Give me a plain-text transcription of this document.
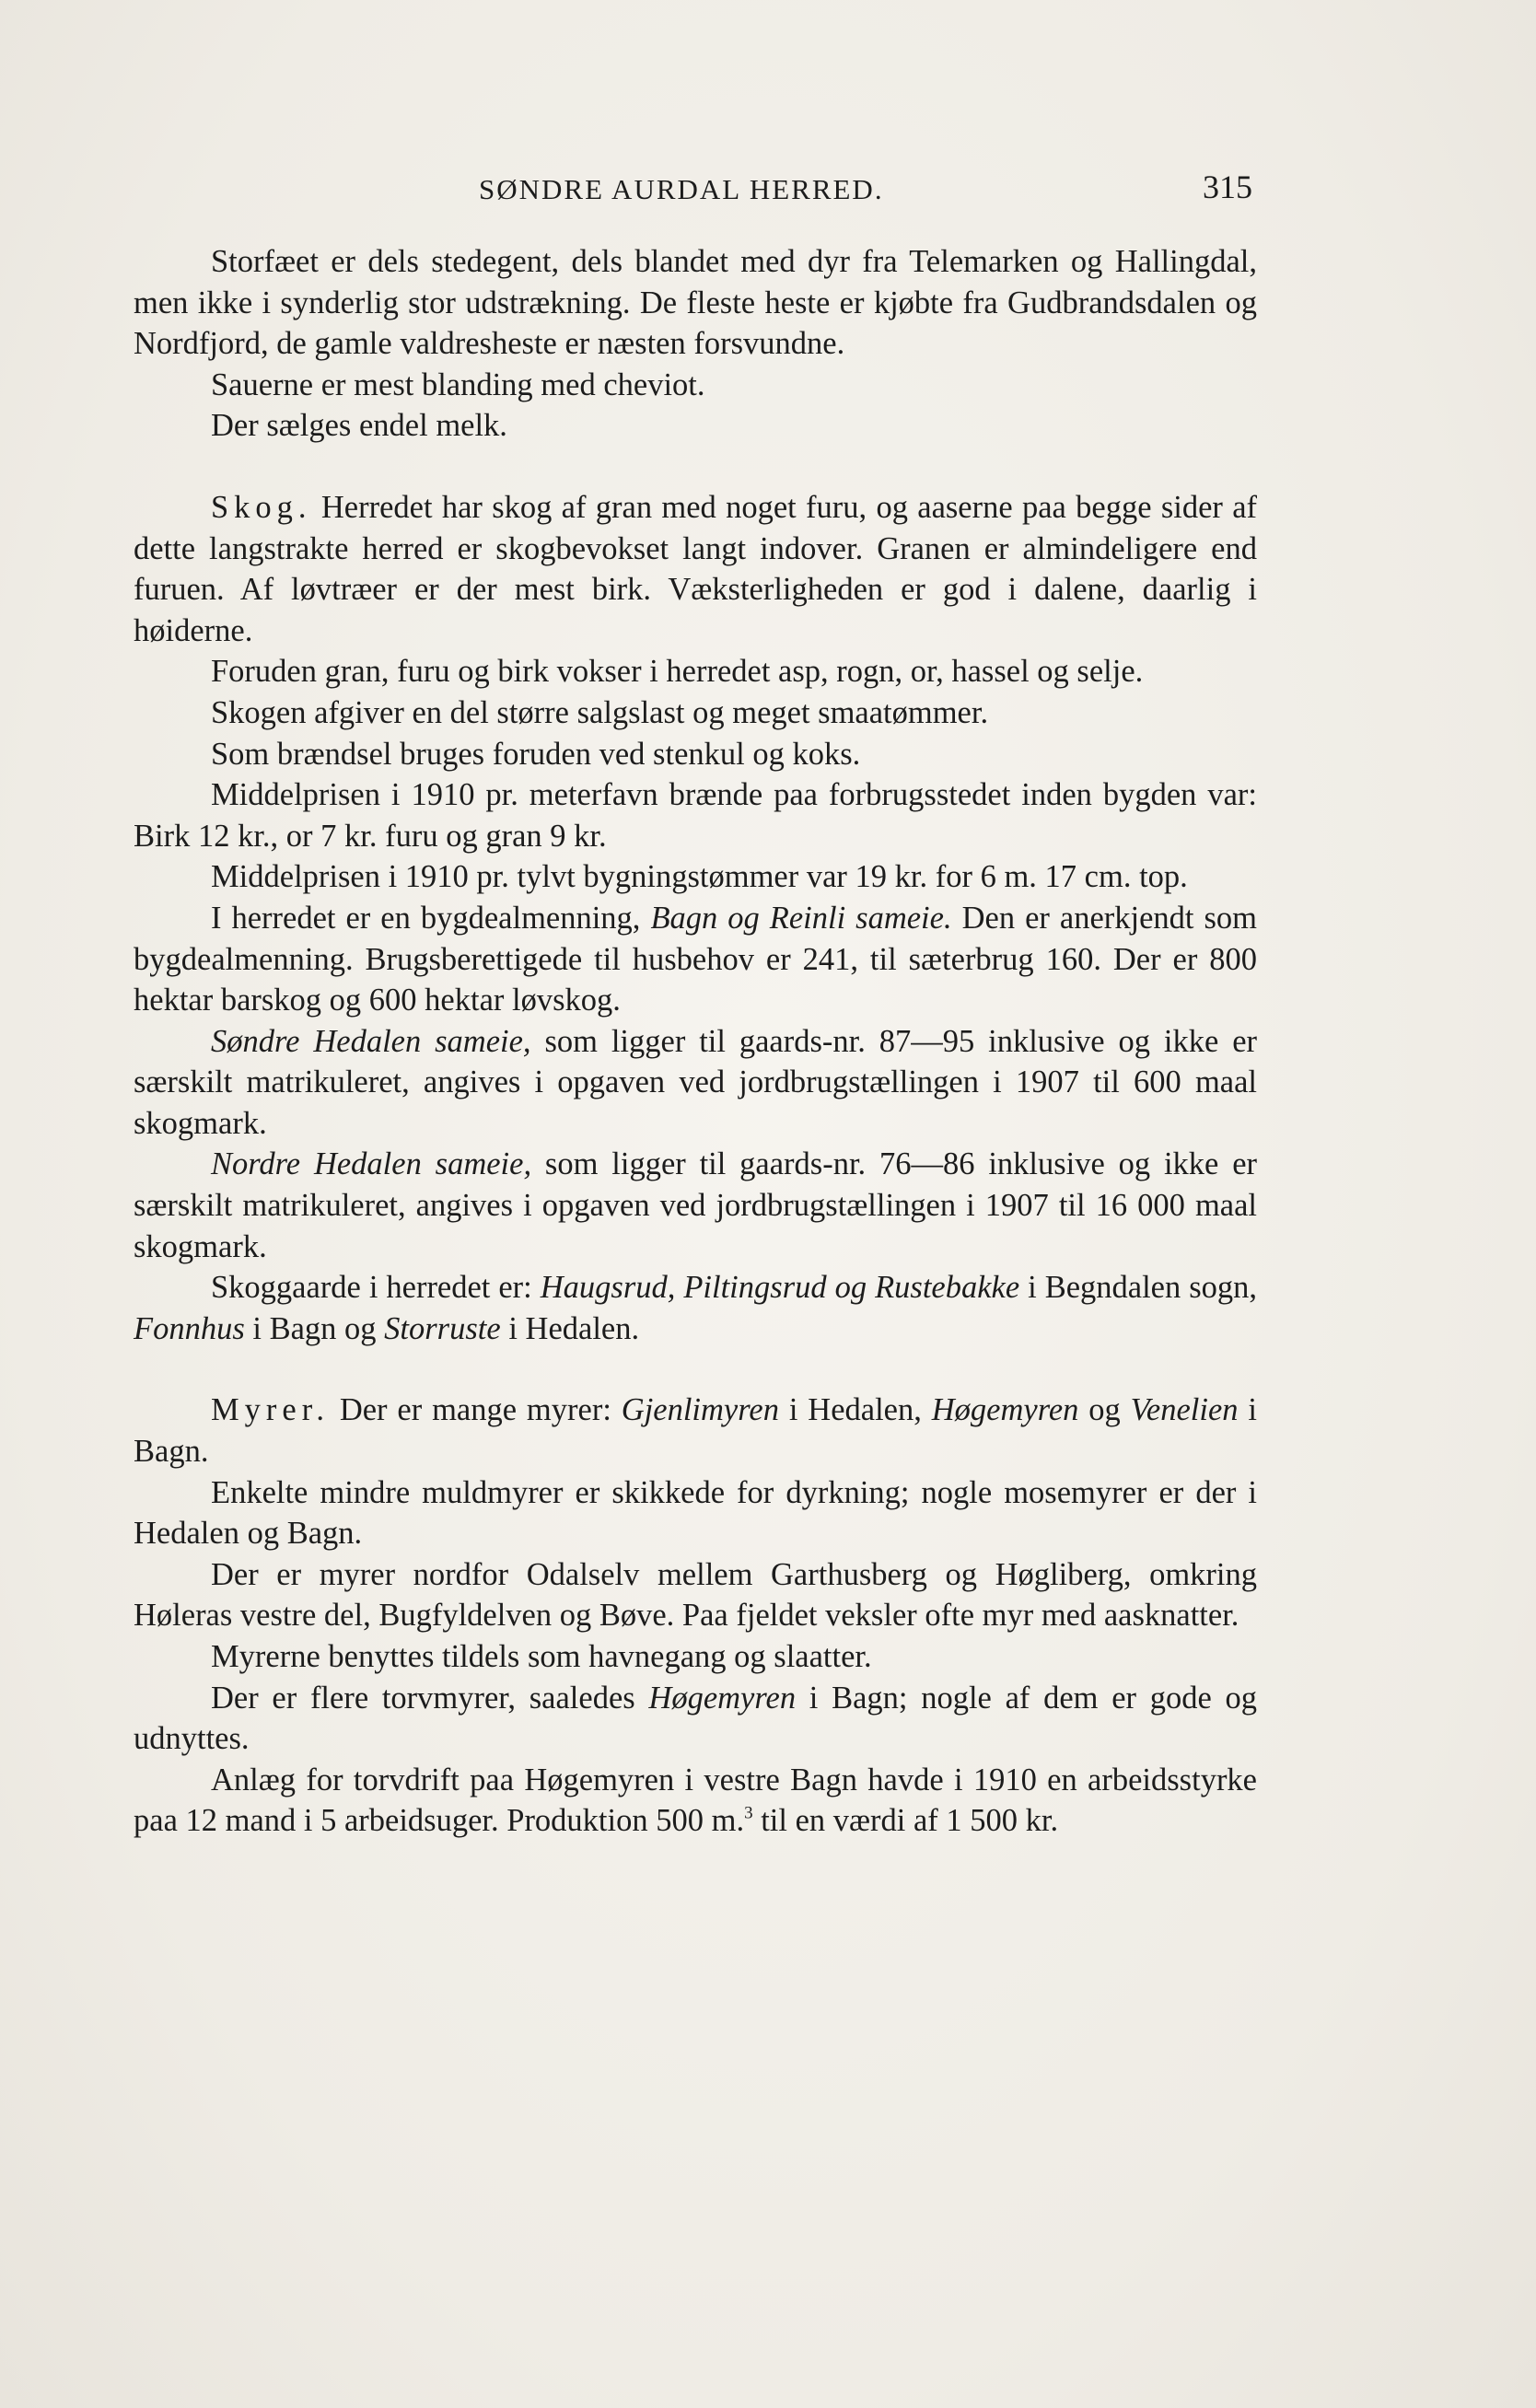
SØNDRE AURDAL HERRED.	315

Storfæet er dels stedegent, dels blandet med dyr fra Telemarken og Hallingdal, men ikke i synderlig stor udstrækning. De fleste heste er kjøbte fra Gudbrandsdalen og Nordfjord, de gamle valdresheste er næsten forsvundne.

Sauerne er mest blanding med cheviot.

Der sælges endel melk.

Skog. Herredet har skog af gran med noget furu, og aaserne paa begge sider af dette langstrakte herred er skogbevokset langt indover. Granen er almindeligere end furuen. Af løvtræer er der mest birk. Væksterligheden er god i dalene, daarlig i høiderne.

Foruden gran, furu og birk vokser i herredet asp, rogn, or, hassel og selje.

Skogen afgiver en del større salgslast og meget smaatømmer.

Som brændsel bruges foruden ved stenkul og koks.

Middelprisen i 1910 pr. meterfavn brænde paa forbrugsstedet inden bygden var: Birk 12 kr., or 7 kr. furu og gran 9 kr.

Middelprisen i 1910 pr. tylvt bygningstømmer var 19 kr. for 6 m. 17 cm. top.

I herredet er en bygdealmenning, Bagn og Reinli sameie. Den er anerkjendt som bygdealmenning. Brugsberettigede til husbehov er 241, til sæterbrug 160. Der er 800 hektar barskog og 600 hektar løvskog.

Søndre Hedalen sameie, som ligger til gaards-nr. 87—95 inklusive og ikke er særskilt matrikuleret, angives i opgaven ved jordbrugstællingen i 1907 til 600 maal skogmark.

Nordre Hedalen sameie, som ligger til gaards-nr. 76—86 inklusive og ikke er særskilt matrikuleret, angives i opgaven ved jordbrugstællingen i 1907 til 16 000 maal skogmark.

Skoggaarde i herredet er: Haugsrud, Piltingsrud og Rustebakke i Begndalen sogn, Fonnhus i Bagn og Storruste i Hedalen.

Myrer. Der er mange myrer: Gjenlimyren i Hedalen, Høgemyren og Venelien i Bagn.

Enkelte mindre muldmyrer er skikkede for dyrkning; nogle mosemyrer er der i Hedalen og Bagn.

Der er myrer nordfor Odalselv mellem Garthusberg og Høgliberg, omkring Høleras vestre del, Bugfyldelven og Bøve. Paa fjeldet veksler ofte myr med aasknatter.

Myrerne benyttes tildels som havnegang og slaatter.

Der er flere torvmyrer, saaledes Høgemyren i Bagn; nogle af dem er gode og udnyttes.

Anlæg for torvdrift paa Høgemyren i vestre Bagn havde i 1910 en arbeidsstyrke paa 12 mand i 5 arbeidsuger. Produktion 500 m.$^3$ til en værdi af 1 500 kr.
